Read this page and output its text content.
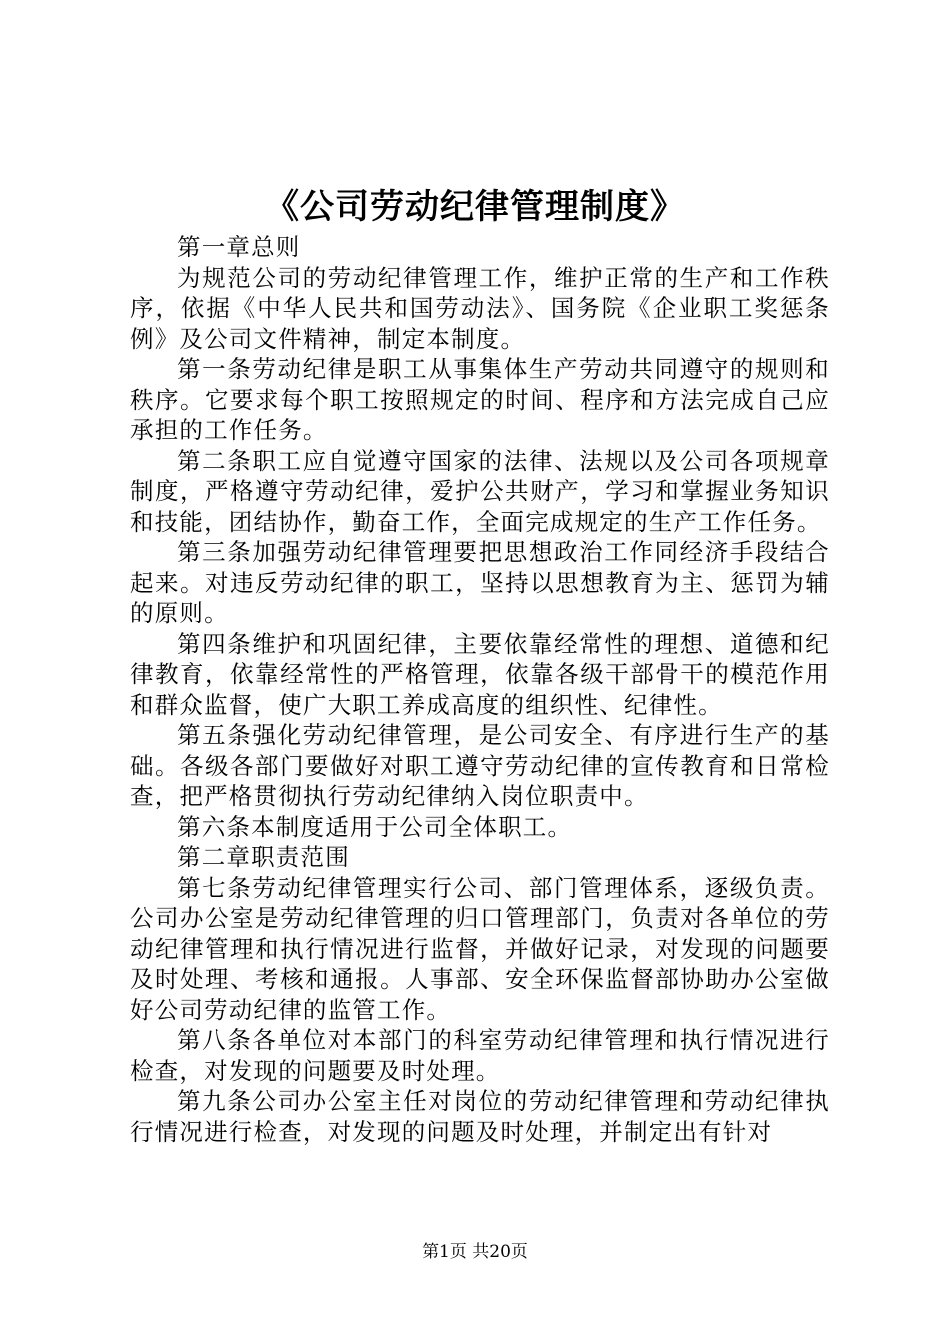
《公司劳动纪律管理制度》

第一章总则

为规范公司的劳动纪律管理工作，维护正常的生产和工作秩序，依据《中华人民共和国劳动法》、国务院《企业职工奖惩条例》及公司文件精神，制定本制度。

第一条劳动纪律是职工从事集体生产劳动共同遵守的规则和秩序。它要求每个职工按照规定的时间、程序和方法完成自己应承担的工作任务。

第二条职工应自觉遵守国家的法律、法规以及公司各项规章制度，严格遵守劳动纪律，爱护公共财产，学习和掌握业务知识和技能，团结协作，勤奋工作，全面完成规定的生产工作任务。

第三条加强劳动纪律管理要把思想政治工作同经济手段结合起来。对违反劳动纪律的职工，坚持以思想教育为主、惩罚为辅的原则。

第四条维护和巩固纪律，主要依靠经常性的理想、道德和纪律教育，依靠经常性的严格管理，依靠各级干部骨干的模范作用和群众监督，使广大职工养成高度的组织性、纪律性。

第五条强化劳动纪律管理，是公司安全、有序进行生产的基础。各级各部门要做好对职工遵守劳动纪律的宣传教育和日常检查，把严格贯彻执行劳动纪律纳入岗位职责中。

第六条本制度适用于公司全体职工。

第二章职责范围

第七条劳动纪律管理实行公司、部门管理体系，逐级负责。公司办公室是劳动纪律管理的归口管理部门，负责对各单位的劳动纪律管理和执行情况进行监督，并做好记录，对发现的问题要及时处理、考核和通报。人事部、安全环保监督部协助办公室做好公司劳动纪律的监管工作。

第八条各单位对本部门的科室劳动纪律管理和执行情况进行检查，对发现的问题要及时处理。

第九条公司办公室主任对岗位的劳动纪律管理和劳动纪律执行情况进行检查，对发现的问题及时处理，并制定出有针对

第1页 共20页
